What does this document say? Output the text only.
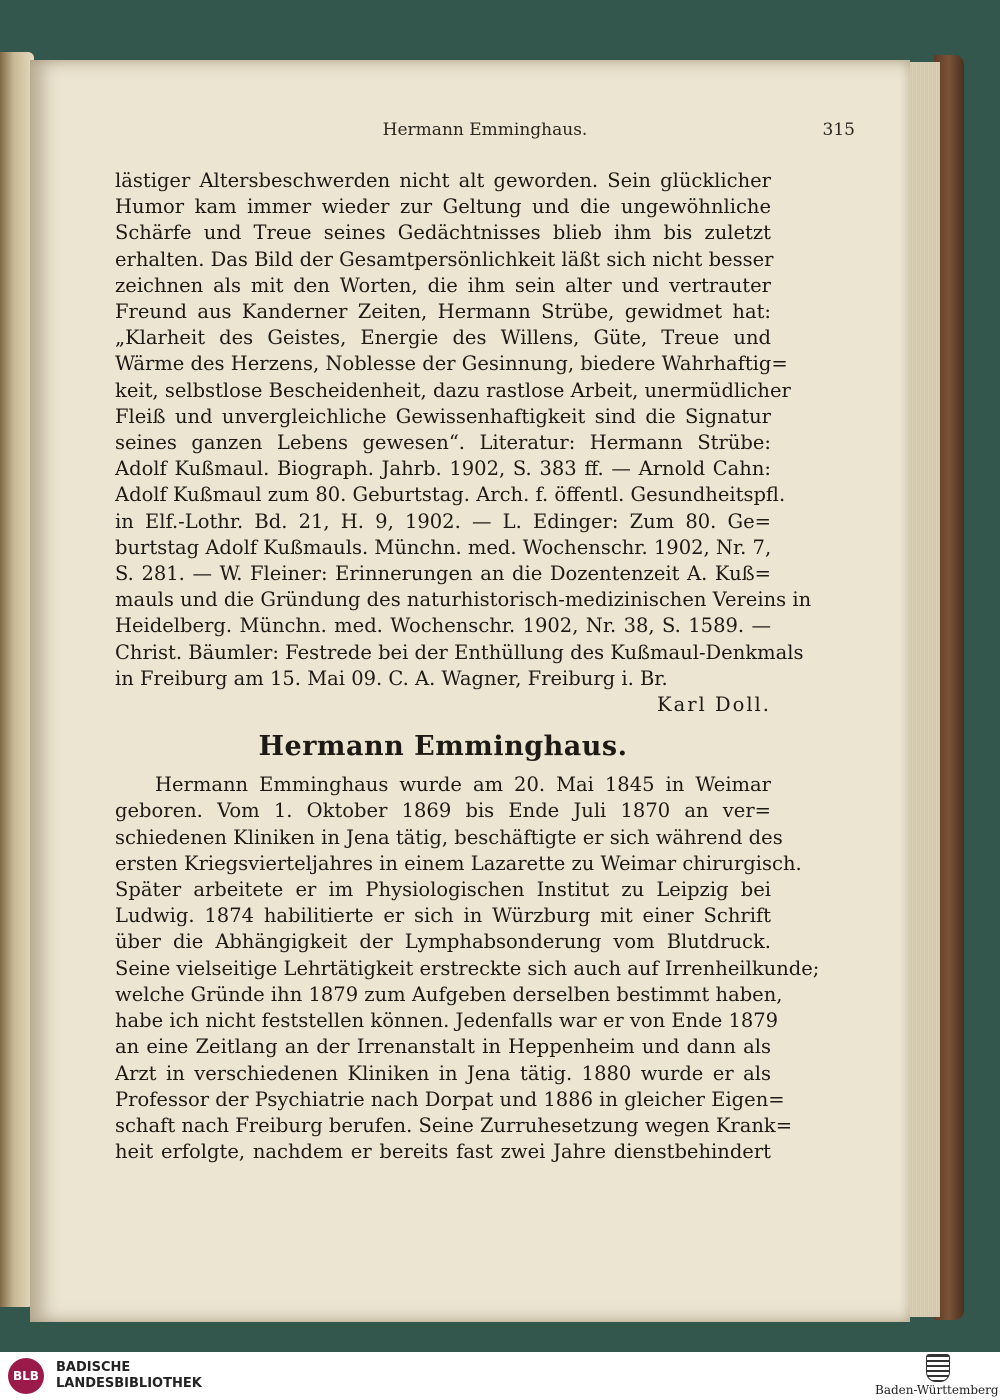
Hermann Emminghaus.	315
lästiger Altersbeschwerden nicht alt geworden. Sein glücklicher
Humor kam immer wieder zur Geltung und die ungewöhnliche
Schärfe und Treue seines Gedächtnisses blieb ihm bis zuletzt
erhalten. Das Bild der Gesamtpersönlichkeit läßt sich nicht besser
zeichnen als mit den Worten, die ihm sein alter und vertrauter
Freund aus Kanderner Zeiten, Hermann Strübe, gewidmet hat:
„Klarheit des Geistes, Energie des Willens, Güte, Treue und
Wärme des Herzens, Noblesse der Gesinnung, biedere Wahrhaftig=
keit, selbstlose Bescheidenheit, dazu rastlose Arbeit, unermüdlicher
Fleiß und unvergleichliche Gewissenhaftigkeit sind die Signatur
seines ganzen Lebens gewesen“. Literatur: Hermann Strübe:
Adolf Kußmaul. Biograph. Jahrb. 1902, S. 383 ff. — Arnold Cahn:
Adolf Kußmaul zum 80. Geburtstag. Arch. f. öffentl. Gesundheitspfl.
in Elf.-Lothr. Bd. 21, H. 9, 1902. — L. Edinger: Zum 80. Ge=
burtstag Adolf Kußmauls. Münchn. med. Wochenschr. 1902, Nr. 7,
S. 281. — W. Fleiner: Erinnerungen an die Dozentenzeit A. Kuß=
mauls und die Gründung des naturhistorisch-medizinischen Vereins in
Heidelberg. Münchn. med. Wochenschr. 1902, Nr. 38, S. 1589. —
Christ. Bäumler: Festrede bei der Enthüllung des Kußmaul-Denkmals
in Freiburg am 15. Mai 09. C. A. Wagner, Freiburg i. Br.
Karl Doll.
Hermann Emminghaus.
Hermann Emminghaus wurde am 20. Mai 1845 in Weimar
geboren. Vom 1. Oktober 1869 bis Ende Juli 1870 an ver=
schiedenen Kliniken in Jena tätig, beschäftigte er sich während des
ersten Kriegsvierteljahres in einem Lazarette zu Weimar chirurgisch.
Später arbeitete er im Physiologischen Institut zu Leipzig bei
Ludwig. 1874 habilitierte er sich in Würzburg mit einer Schrift
über die Abhängigkeit der Lymphabsonderung vom Blutdruck.
Seine vielseitige Lehrtätigkeit erstreckte sich auch auf Irrenheilkunde;
welche Gründe ihn 1879 zum Aufgeben derselben bestimmt haben,
habe ich nicht feststellen können. Jedenfalls war er von Ende 1879
an eine Zeitlang an der Irrenanstalt in Heppenheim und dann als
Arzt in verschiedenen Kliniken in Jena tätig. 1880 wurde er als
Professor der Psychiatrie nach Dorpat und 1886 in gleicher Eigen=
schaft nach Freiburg berufen. Seine Zurruhesetzung wegen Krank=
heit erfolgte, nachdem er bereits fast zwei Jahre dienstbehindert
BLB
BADISCHE
LANDESBIBLIOTHEK	Baden-Württemberg
